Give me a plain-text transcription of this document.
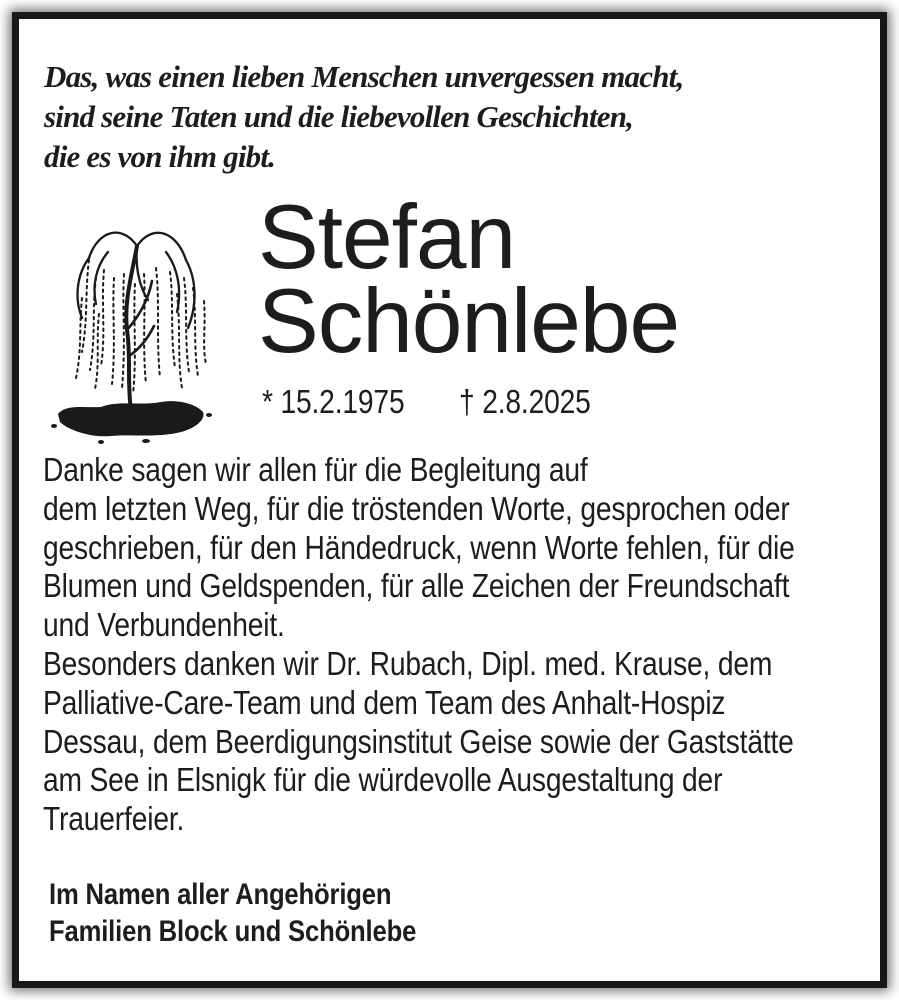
Das, was einen lieben Menschen unvergessen macht,
sind seine Taten und die liebevollen Geschichten,
die es von ihm gibt.
Stefan
Schönlebe
* 15.2.1975 † 2.8.2025
Danke sagen wir allen für die Begleitung auf
dem letzten Weg, für die tröstenden Worte, gesprochen oder
geschrieben, für den Händedruck, wenn Worte fehlen, für die
Blumen und Geldspenden, für alle Zeichen der Freundschaft
und Verbundenheit.
Besonders danken wir Dr. Rubach, Dipl. med. Krause, dem
Palliative-Care-Team und dem Team des Anhalt-Hospiz
Dessau, dem Beerdigungsinstitut Geise sowie der Gaststätte
am See in Elsnigk für die würdevolle Ausgestaltung der
Trauerfeier.
Im Namen aller Angehörigen
Familien Block und Schönlebe
